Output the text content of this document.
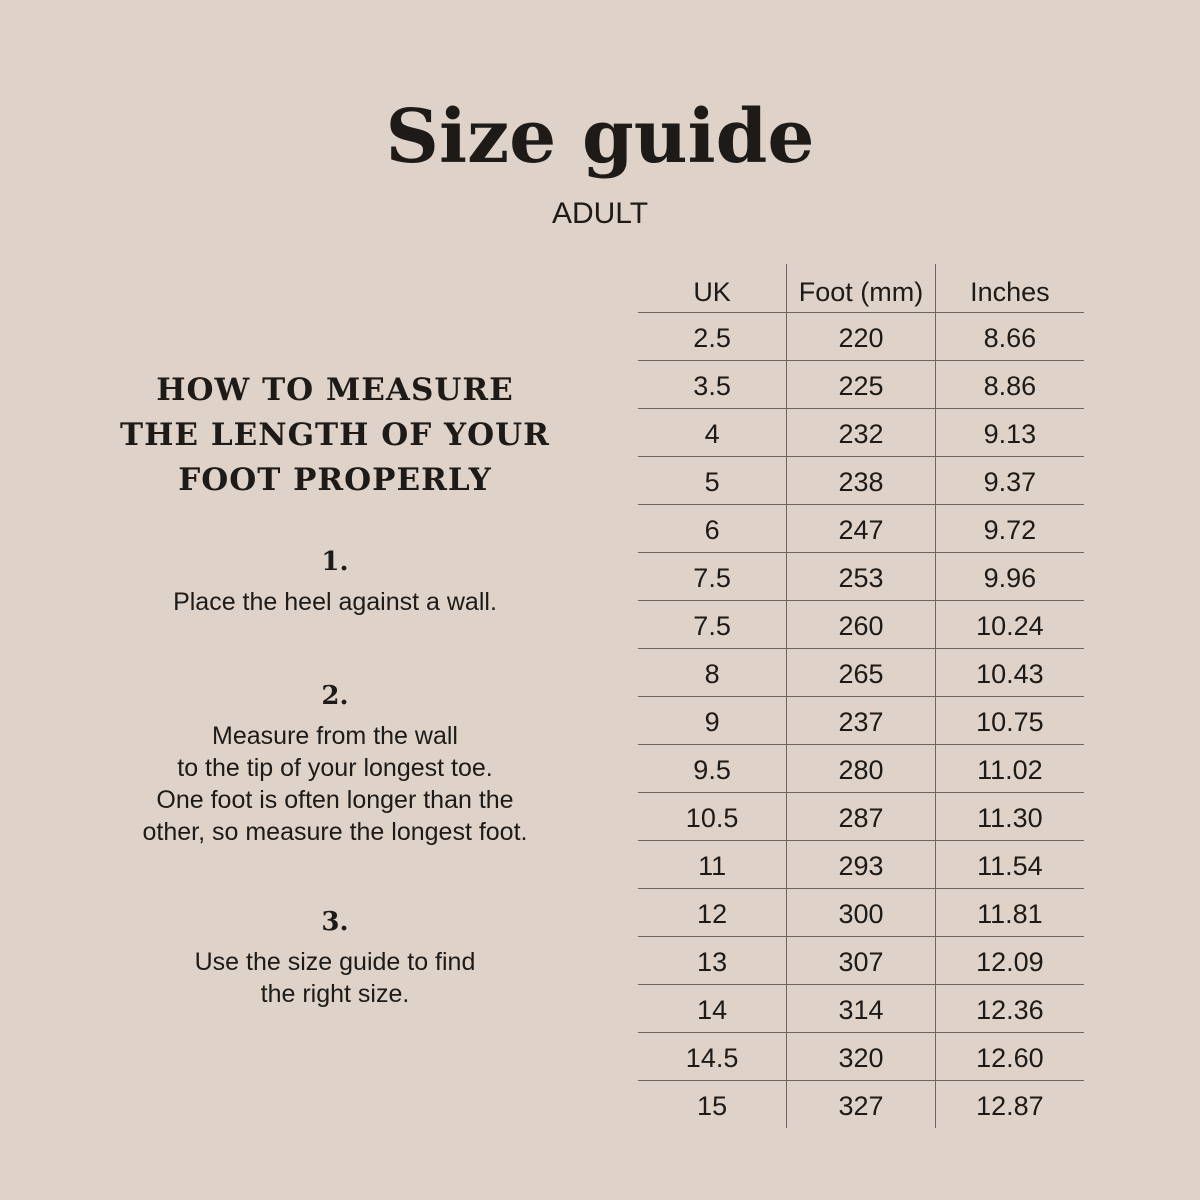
Size guide
ADULT
HOW TO MEASURE
THE LENGTH OF YOUR
FOOT PROPERLY
1.
Place the heel against a wall.
2.
Measure from the wall
to the tip of your longest toe.
One foot is often longer than the
other, so measure the longest foot.
3.
Use the size guide to find
the right size.
UK	Foot (mm)	Inches
2.5	220	8.66
3.5	225	8.86
4	232	9.13
5	238	9.37
6	247	9.72
7.5	253	9.96
7.5	260	10.24
8	265	10.43
9	237	10.75
9.5	280	11.02
10.5	287	11.30
11	293	11.54
12	300	11.81
13	307	12.09
14	314	12.36
14.5	320	12.60
15	327	12.87
